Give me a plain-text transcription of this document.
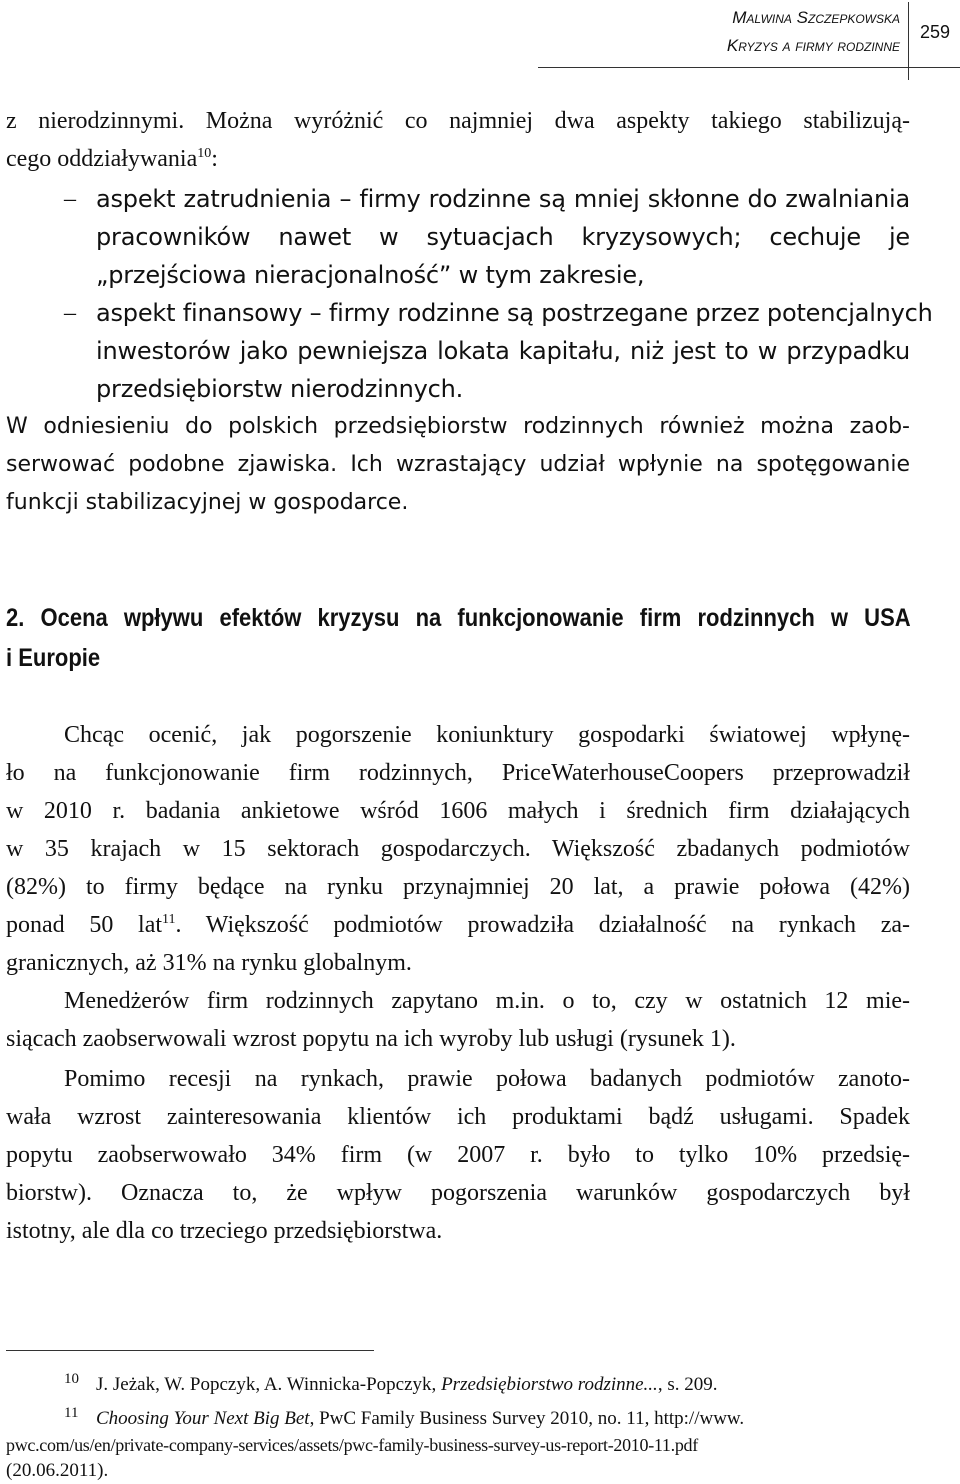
Malwina Szczepkowska
Kryzys a firmy rodzinne
259
z nierodzinnymi. Można wyróżnić co najmniej dwa aspekty takiego stabilizują-
cego oddziaływania$^{10}$:
– aspekt zatrudnienia – firmy rodzinne są mniej skłonne do zwalniania
pracowników nawet w sytuacjach kryzysowych; cechuje je
„przejściowa nieracjonalność” w tym zakresie,
– aspekt finansowy – firmy rodzinne są postrzegane przez potencjalnych
inwestorów jako pewniejsza lokata kapitału, niż jest to w przypadku
przedsiębiorstw nierodzinnych.
W odniesieniu do polskich przedsiębiorstw rodzinnych również można zaob-
serwować podobne zjawiska. Ich wzrastający udział wpłynie na spotęgowanie
funkcji stabilizacyjnej w gospodarce.
2. Ocena wpływu efektów kryzysu na funkcjonowanie firm rodzinnych w USA
i Europie
Chcąc ocenić, jak pogorszenie koniunktury gospodarki światowej wpłynę-
ło na funkcjonowanie firm rodzinnych, PriceWaterhouseCoopers przeprowadził
w 2010 r. badania ankietowe wśród 1606 małych i średnich firm działających
w 35 krajach w 15 sektorach gospodarczych. Większość zbadanych podmiotów
(82%) to firmy będące na rynku przynajmniej 20 lat, a prawie połowa (42%)
ponad 50 lat$^{11}$. Większość podmiotów prowadziła działalność na rynkach za-
granicznych, aż 31% na rynku globalnym.
Menedżerów firm rodzinnych zapytano m.in. o to, czy w ostatnich 12 mie-
siącach zaobserwowali wzrost popytu na ich wyroby lub usługi (rysunek 1).
Pomimo recesji na rynkach, prawie połowa badanych podmiotów zanoto-
wała wzrost zainteresowania klientów ich produktami bądź usługami. Spadek
popytu zaobserwowało 34% firm (w 2007 r. było to tylko 10% przedsię-
biorstw). Oznacza to, że wpływ pogorszenia warunków gospodarczych był
istotny, ale dla co trzeciego przedsiębiorstwa.
10 J. Jeżak, W. Popczyk, A. Winnicka-Popczyk, Przedsiębiorstwo rodzinne..., s. 209.
11 Choosing Your Next Big Bet, PwC Family Business Survey 2010, no. 11, http://www.
pwc.com/us/en/private-company-services/assets/pwc-family-business-survey-us-report-2010-11.pdf
(20.06.2011).
